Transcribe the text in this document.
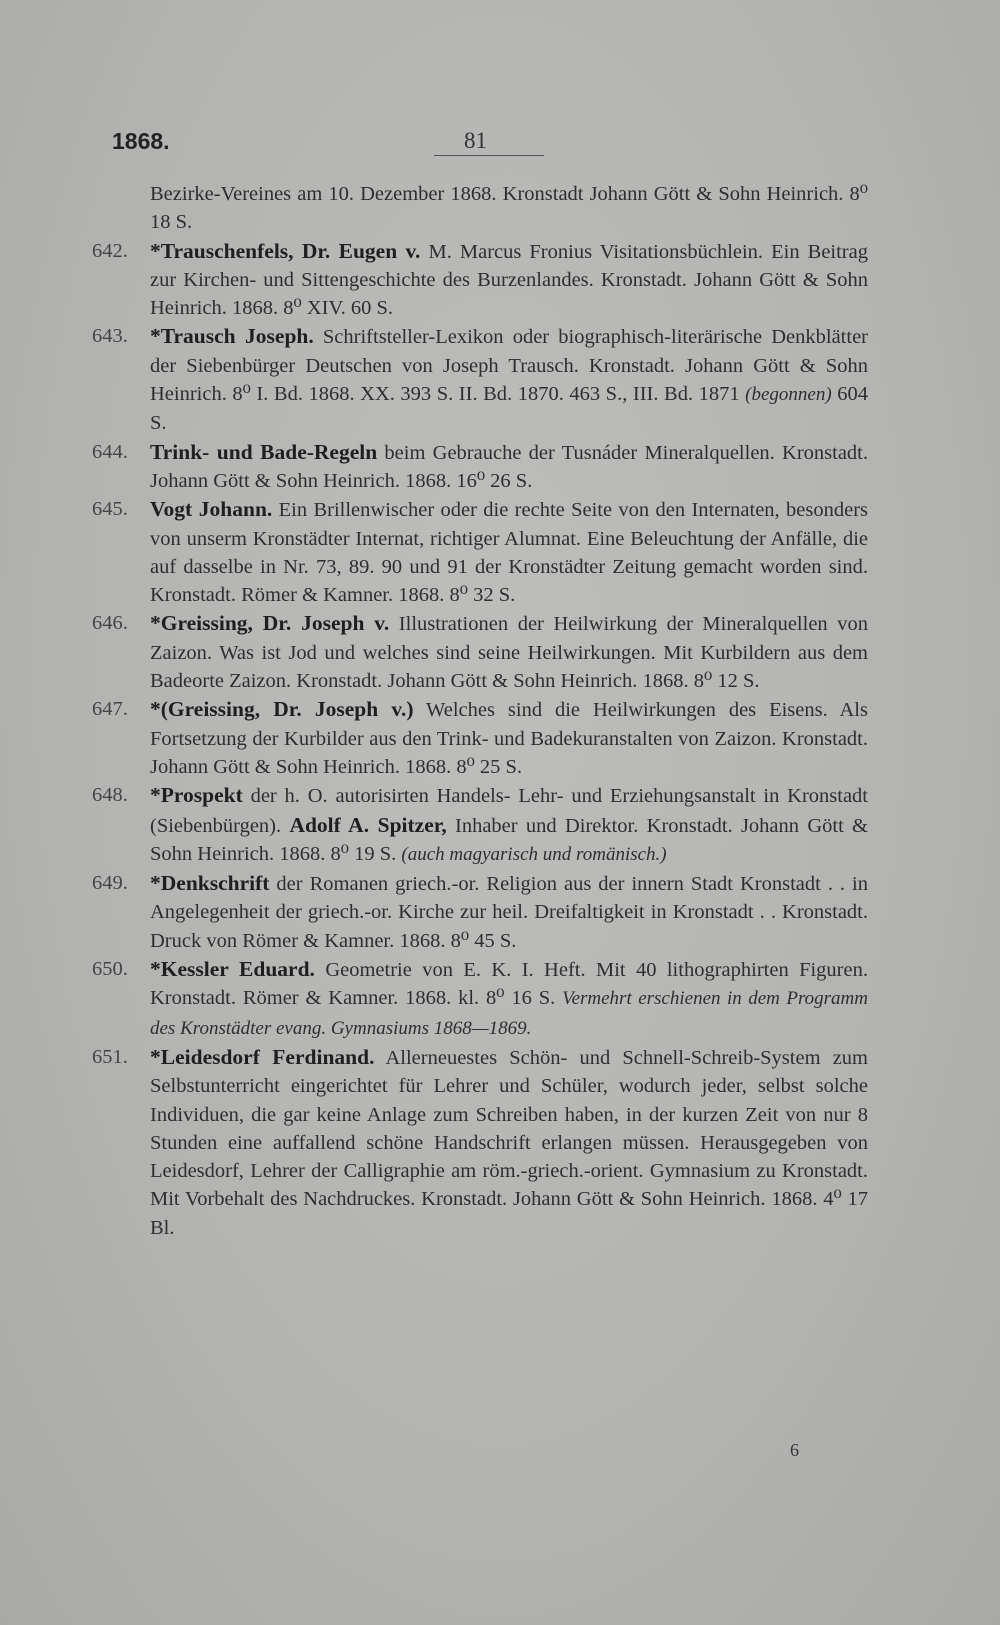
1868.	81
Bezirke-Vereines am 10. Dezember 1868. Kronstadt Johann Gött & Sohn Heinrich. 8⁰ 18 S.
642. *Trauschenfels, Dr. Eugen v. M. Marcus Fronius Visitationsbüchlein. Ein Beitrag zur Kirchen- und Sittengeschichte des Burzenlandes. Kronstadt. Johann Gött & Sohn Heinrich. 1868. 8⁰ XIV. 60 S.
643. *Trausch Joseph. Schriftsteller-Lexikon oder biographisch-literärische Denkblätter der Siebenbürger Deutschen von Joseph Trausch. Kronstadt. Johann Gött & Sohn Heinrich. 8⁰ I. Bd. 1868. XX. 393 S. II. Bd. 1870. 463 S., III. Bd. 1871 (begonnen) 604 S.
644. Trink- und Bade-Regeln beim Gebrauche der Tusnáder Mineralquellen. Kronstadt. Johann Gött & Sohn Heinrich. 1868. 16⁰ 26 S.
645. Vogt Johann. Ein Brillenwischer oder die rechte Seite von den Internaten, besonders von unserm Kronstädter Internat, richtiger Alumnat. Eine Beleuchtung der Anfälle, die auf dasselbe in Nr. 73, 89. 90 und 91 der Kronstädter Zeitung gemacht worden sind. Kronstadt. Römer & Kamner. 1868. 8⁰ 32 S.
646. *Greissing, Dr. Joseph v. Illustrationen der Heilwirkung der Mineralquellen von Zaizon. Was ist Jod und welches sind seine Heilwirkungen. Mit Kurbildern aus dem Badeorte Zaizon. Kronstadt. Johann Gött & Sohn Heinrich. 1868. 8⁰ 12 S.
647. *(Greissing, Dr. Joseph v.) Welches sind die Heilwirkungen des Eisens. Als Fortsetzung der Kurbilder aus den Trink- und Badekuranstalten von Zaizon. Kronstadt. Johann Gött & Sohn Heinrich. 1868. 8⁰ 25 S.
648. *Prospekt der h. O. autorisirten Handels- Lehr- und Erziehungsanstalt in Kronstadt (Siebenbürgen). Adolf A. Spitzer, Inhaber und Direktor. Kronstadt. Johann Gött & Sohn Heinrich. 1868. 8⁰ 19 S. (auch magyarisch und romänisch.)
649. *Denkschrift der Romanen griech.-or. Religion aus der innern Stadt Kronstadt . . in Angelegenheit der griech.-or. Kirche zur heil. Dreifaltigkeit in Kronstadt . . Kronstadt. Druck von Römer & Kamner. 1868. 8⁰ 45 S.
650. *Kessler Eduard. Geometrie von E. K. I. Heft. Mit 40 lithographirten Figuren. Kronstadt. Römer & Kamner. 1868. kl. 8⁰ 16 S. Vermehrt erschienen in dem Programm des Kronstädter evang. Gymnasiums 1868—1869.
651. *Leidesdorf Ferdinand. Allerneuestes Schön- und Schnell-Schreib-System zum Selbstunterricht eingerichtet für Lehrer und Schüler, wodurch jeder, selbst solche Individuen, die gar keine Anlage zum Schreiben haben, in der kurzen Zeit von nur 8 Stunden eine auffallend schöne Handschrift erlangen müssen. Herausgegeben von Leidesdorf, Lehrer der Calligraphie am röm.-griech.-orient. Gymnasium zu Kronstadt. Mit Vorbehalt des Nachdruckes. Kronstadt. Johann Gött & Sohn Heinrich. 1868. 4⁰ 17 Bl.
6
